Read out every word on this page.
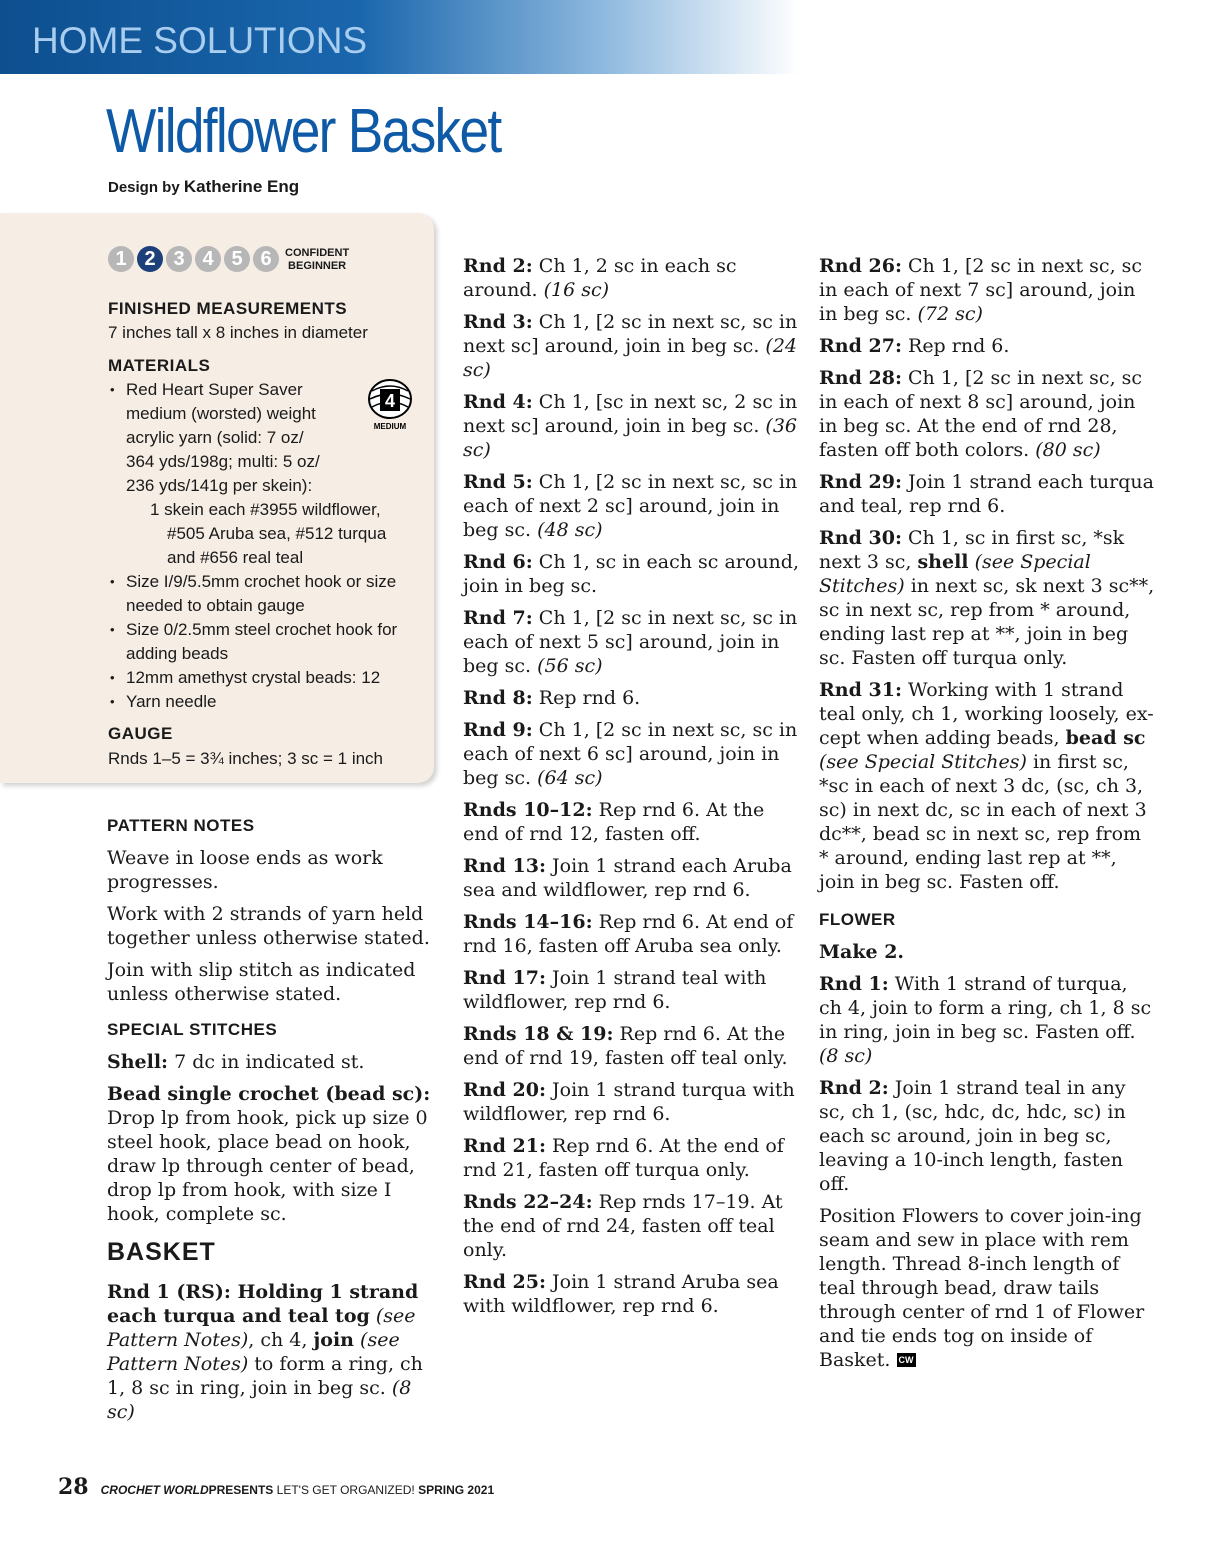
HOME SOLUTIONS
Wildflower Basket
Design by Katherine Eng
1 2 3 4 5 6	CONFIDENT
BEGINNER
FINISHED MEASUREMENTS
7 inches tall x 8 inches in diameter
MATERIALS
• Red Heart Super Saver
medium (worsted) weight
acrylic yarn (solid: 7 oz/
364 yds/198g; multi: 5 oz/
236 yds/141g per skein):
1 skein each #3955 wildflower,
#505 Aruba sea, #512 turqua
and #656 real teal
• Size I/9/5.5mm crochet hook or size needed to obtain gauge
• Size 0/2.5mm steel crochet hook for adding beads
• 12mm amethyst crystal beads: 12
• Yarn needle
4
MEDIUM
GAUGE
Rnds 1–5 = 3¾ inches; 3 sc = 1 inch
PATTERN NOTES

Weave in loose ends as work progresses.

Work with 2 strands of yarn held together unless otherwise stated.

Join with slip stitch as indicated unless otherwise stated.

SPECIAL STITCHES

Shell: 7 dc in indicated st.

Bead single crochet (bead sc): Drop lp from hook, pick up size 0 steel hook, place bead on hook, draw lp through center of bead, drop lp from hook, with size I hook, complete sc.

BASKET

Rnd 1 (RS): Holding 1 strand each turqua and teal tog (see Pattern Notes), ch 4, join (see Pattern Notes) to form a ring, ch 1, 8 sc in ring, join in beg sc. (8 sc)

Rnd 2: Ch 1, 2 sc in each sc around. (16 sc)

Rnd 3: Ch 1, [2 sc in next sc, sc in next sc] around, join in beg sc. (24 sc)

Rnd 4: Ch 1, [sc in next sc, 2 sc in next sc] around, join in beg sc. (36 sc)

Rnd 5: Ch 1, [2 sc in next sc, sc in each of next 2 sc] around, join in beg sc. (48 sc)

Rnd 6: Ch 1, sc in each sc around, join in beg sc.

Rnd 7: Ch 1, [2 sc in next sc, sc in each of next 5 sc] around, join in beg sc. (56 sc)

Rnd 8: Rep rnd 6.

Rnd 9: Ch 1, [2 sc in next sc, sc in each of next 6 sc] around, join in beg sc. (64 sc)

Rnds 10–12: Rep rnd 6. At the end of rnd 12, fasten off.

Rnd 13: Join 1 strand each Aruba sea and wildflower, rep rnd 6.

Rnds 14–16: Rep rnd 6. At end of rnd 16, fasten off Aruba sea only.

Rnd 17: Join 1 strand teal with wildflower, rep rnd 6.

Rnds 18 & 19: Rep rnd 6. At the end of rnd 19, fasten off teal only.

Rnd 20: Join 1 strand turqua with wildflower, rep rnd 6.

Rnd 21: Rep rnd 6. At the end of rnd 21, fasten off turqua only.

Rnds 22–24: Rep rnds 17–19. At the end of rnd 24, fasten off teal only.

Rnd 25: Join 1 strand Aruba sea with wildflower, rep rnd 6.

Rnd 26: Ch 1, [2 sc in next sc, sc in each of next 7 sc] around, join in beg sc. (72 sc)

Rnd 27: Rep rnd 6.

Rnd 28: Ch 1, [2 sc in next sc, sc in each of next 8 sc] around, join in beg sc. At the end of rnd 28, fasten off both colors. (80 sc)

Rnd 29: Join 1 strand each turqua and teal, rep rnd 6.

Rnd 30: Ch 1, sc in first sc, *sk next 3 sc, shell (see Special Stitches) in next sc, sk next 3 sc**, sc in next sc, rep from * around, ending last rep at **, join in beg sc. Fasten off turqua only.

Rnd 31: Working with 1 strand teal only, ch 1, working loosely, ex-cept when adding beads, bead sc (see Special Stitches) in first sc, *sc in each of next 3 dc, (sc, ch 3, sc) in next dc, sc in each of next 3 dc**, bead sc in next sc, rep from * around, ending last rep at **, join in beg sc. Fasten off.

FLOWER

Make 2.

Rnd 1: With 1 strand of turqua, ch 4, join to form a ring, ch 1, 8 sc in ring, join in beg sc. Fasten off. (8 sc)

Rnd 2: Join 1 strand teal in any sc, ch 1, (sc, hdc, dc, hdc, sc) in each sc around, join in beg sc, leaving a 10-inch length, fasten off.

Position Flowers to cover join-ing seam and sew in place with rem length. Thread 8-inch length of teal through bead, draw tails through center of rnd 1 of Flower and tie ends tog on inside of Basket. CW

28 CROCHET WORLD PRESENTS LET'S GET ORGANIZED! SPRING 2021
